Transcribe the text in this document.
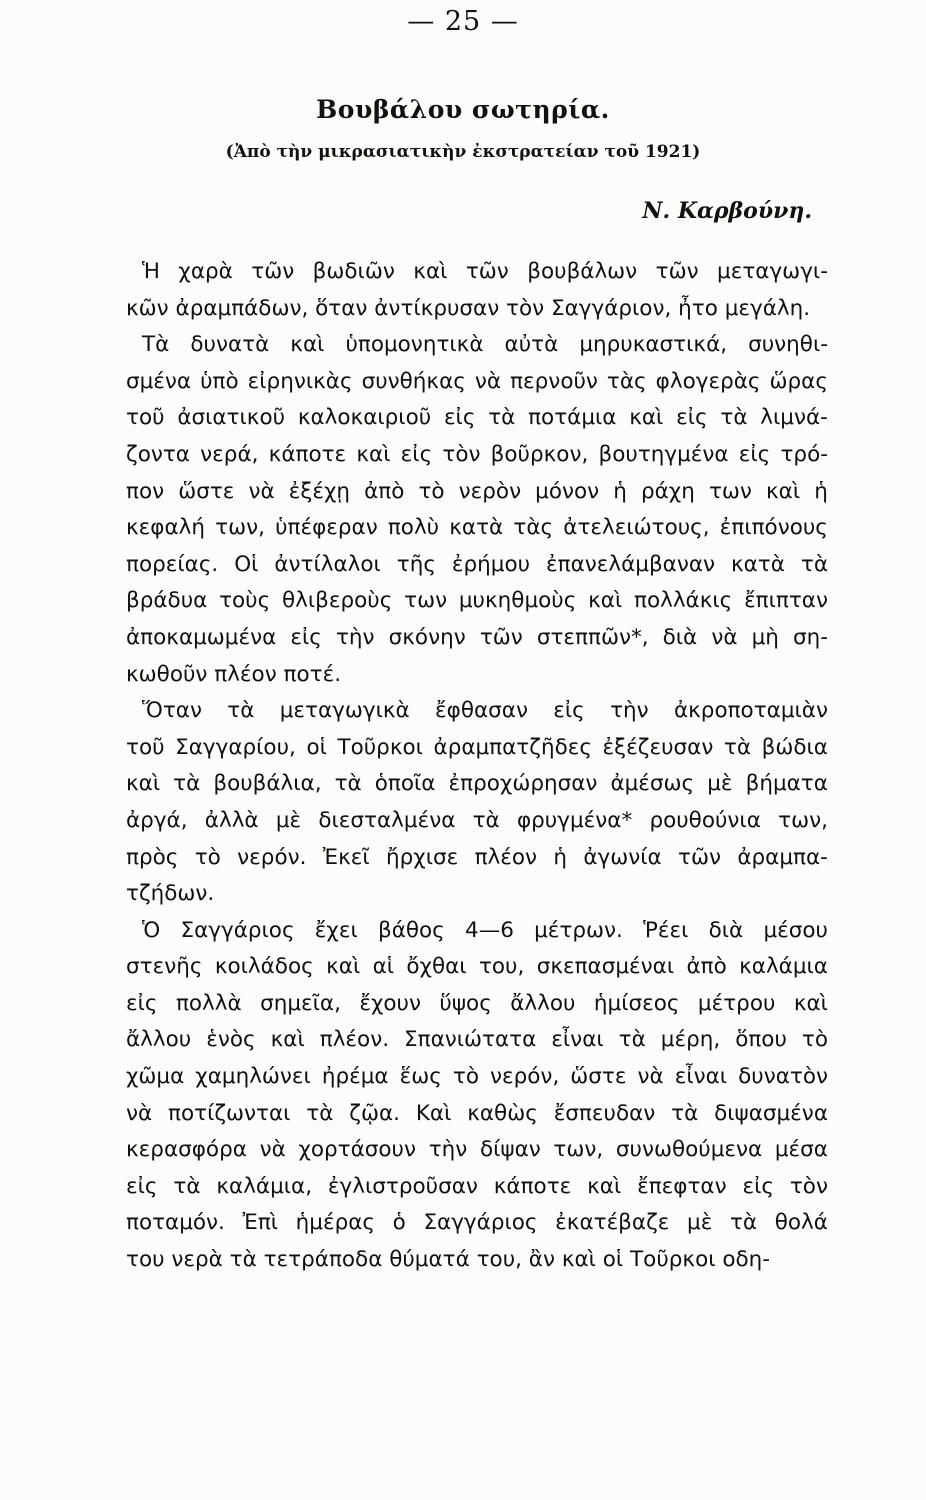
— 25 —
Βουβάλου σωτηρία.
(Ἀπὸ τὴν μικρασιατικὴν ἐκστρατείαν τοῦ 1921)
Ν. Καρβούνη.
Ἡ χαρὰ τῶν βωδιῶν καὶ τῶν βουβάλων τῶν μεταγωγι-
κῶν ἀραμπάδων, ὅταν ἀντίκρυσαν τὸν Σαγγάριον, ἦτο μεγάλη.
Τὰ δυνατὰ καὶ ὑπομονητικὰ αὐτὰ μηρυκαστικά, συνηθι-
σμένα ὑπὸ εἰρηνικὰς συνθήκας νὰ περνοῦν τὰς φλογερὰς ὥρας
τοῦ ἀσιατικοῦ καλοκαιριοῦ εἰς τὰ ποτάμια καὶ εἰς τὰ λιμνά-
ζοντα νερά, κάποτε καὶ εἰς τὸν βοῦρκον, βουτηγμένα εἰς τρό-
πον ὥστε νὰ ἐξέχῃ ἀπὸ τὸ νερὸν μόνον ἡ ράχη των καὶ ἡ
κεφαλή των, ὑπέφεραν πολὺ κατὰ τὰς ἀτελειώτους, ἐπιπόνους
πορείας. Οἱ ἀντίλαλοι τῆς ἐρήμου ἐπανελάμβαναν κατὰ τὰ
βράδυα τοὺς θλιβεροὺς των μυκηθμοὺς καὶ πολλάκις ἔπιπταν
ἀποκαμωμένα εἰς τὴν σκόνην τῶν στεππῶν*, διὰ νὰ μὴ ση-
κωθοῦν πλέον ποτέ.
Ὅταν τὰ μεταγωγικὰ ἔφθασαν εἰς τὴν ἀκροποταμιὰν
τοῦ Σαγγαρίου, οἱ Τοῦρκοι ἀραμπατζῆδες ἐξέζευσαν τὰ βώδια
καὶ τὰ βουβάλια, τὰ ὁποῖα ἐπροχώρησαν ἀμέσως μὲ βήματα
ἀργά, ἀλλὰ μὲ διεσταλμένα τὰ φρυγμένα* ρουθούνια των,
πρὸς τὸ νερόν. Ἐκεῖ ἤρχισε πλέον ἡ ἀγωνία τῶν ἀραμπα-
τζήδων.
Ὁ Σαγγάριος ἔχει βάθος 4—6 μέτρων. Ῥέει διὰ μέσου
στενῆς κοιλάδος καὶ αἱ ὄχθαι του, σκεπασμέναι ἀπὸ καλάμια
εἰς πολλὰ σημεῖα, ἔχουν ὕψος ἄλλου ἡμίσεος μέτρου καὶ
ἄλλου ἑνὸς καὶ πλέον. Σπανιώτατα εἶναι τὰ μέρη, ὅπου τὸ
χῶμα χαμηλώνει ἠρέμα ἕως τὸ νερόν, ὥστε νὰ εἶναι δυνατὸν
νὰ ποτίζωνται τὰ ζῷα. Καὶ καθὼς ἔσπευδαν τὰ διψασμένα
κερασφόρα νὰ χορτάσουν τὴν δίψαν των, συνωθούμενα μέσα
εἰς τὰ καλάμια, ἐγλιστροῦσαν κάποτε καὶ ἔπεφταν εἰς τὸν
ποταμόν. Ἐπὶ ἡμέρας ὁ Σαγγάριος ἐκατέβαζε μὲ τὰ θολά
του νερὰ τὰ τετράποδα θύματά του, ἂν καὶ οἱ Τοῦρκοι οδη-
